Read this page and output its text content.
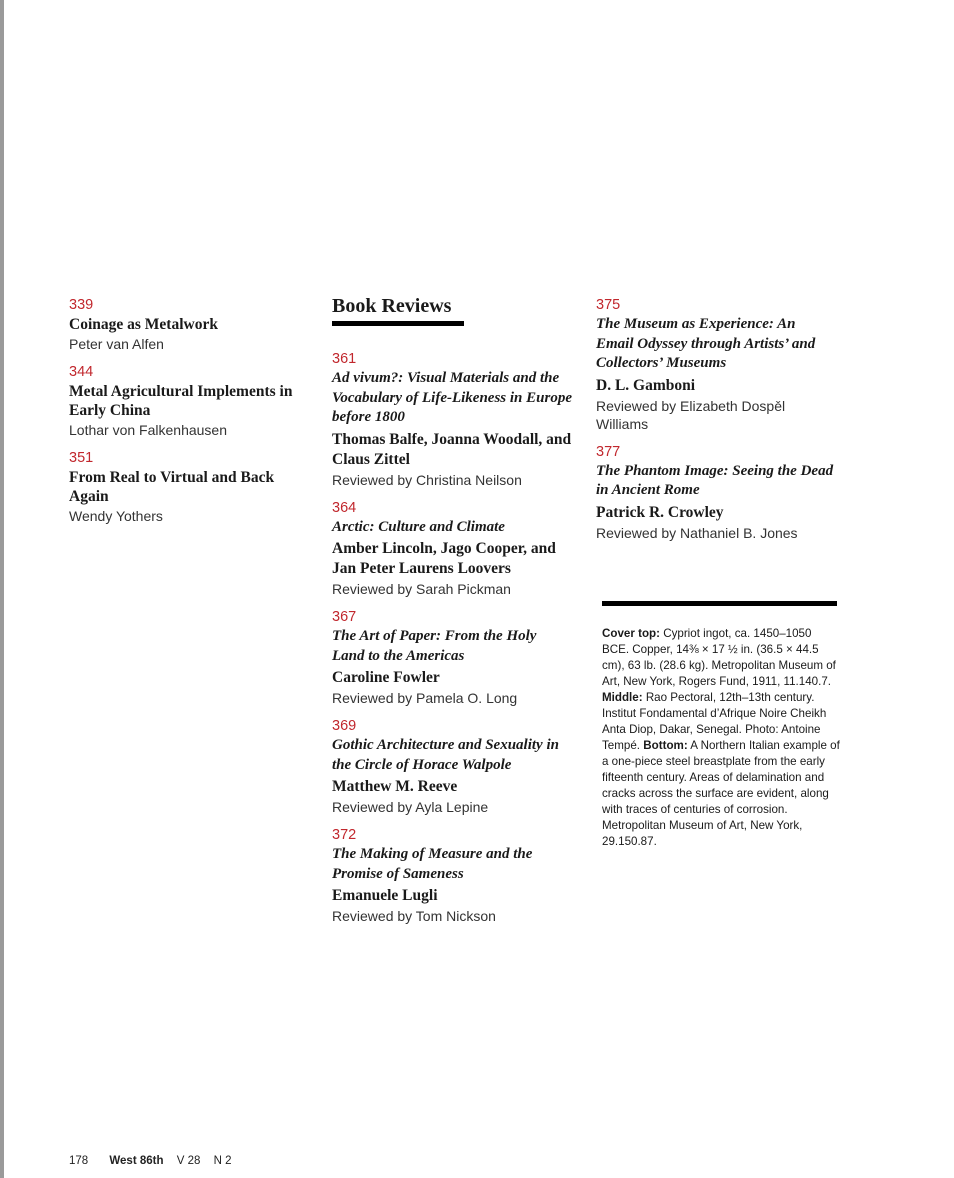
339
Coinage as Metalwork
Peter van Alfen
344
Metal Agricultural Implements in Early China
Lothar von Falkenhausen
351
From Real to Virtual and Back Again
Wendy Yothers
Book Reviews
361
Ad vivum?: Visual Materials and the Vocabulary of Life-Likeness in Europe before 1800
Thomas Balfe, Joanna Woodall, and Claus Zittel
Reviewed by Christina Neilson
364
Arctic: Culture and Climate
Amber Lincoln, Jago Cooper, and Jan Peter Laurens Loovers
Reviewed by Sarah Pickman
367
The Art of Paper: From the Holy Land to the Americas
Caroline Fowler
Reviewed by Pamela O. Long
369
Gothic Architecture and Sexuality in the Circle of Horace Walpole
Matthew M. Reeve
Reviewed by Ayla Lepine
372
The Making of Measure and the Promise of Sameness
Emanuele Lugli
Reviewed by Tom Nickson
375
The Museum as Experience: An Email Odyssey through Artists’ and Collectors’ Museums
D. L. Gamboni
Reviewed by Elizabeth Dospěl Williams
377
The Phantom Image: Seeing the Dead in Ancient Rome
Patrick R. Crowley
Reviewed by Nathaniel B. Jones
Cover top: Cypriot ingot, ca. 1450–1050 BCE. Copper, 14⅜ × 17 ½ in. (36.5 × 44.5 cm), 63 lb. (28.6 kg). Metropolitan Museum of Art, New York, Rogers Fund, 1911, 11.140.7. Middle: Rao Pectoral, 12th–13th century. Institut Fondamental d’Afrique Noire Cheikh Anta Diop, Dakar, Senegal. Photo: Antoine Tempé. Bottom: A Northern Italian example of a one-piece steel breastplate from the early fifteenth century. Areas of delamination and cracks across the surface are evident, along with traces of centuries of corrosion. Metropolitan Museum of Art, New York, 29.150.87.
178 West 86th V 28 N 2
